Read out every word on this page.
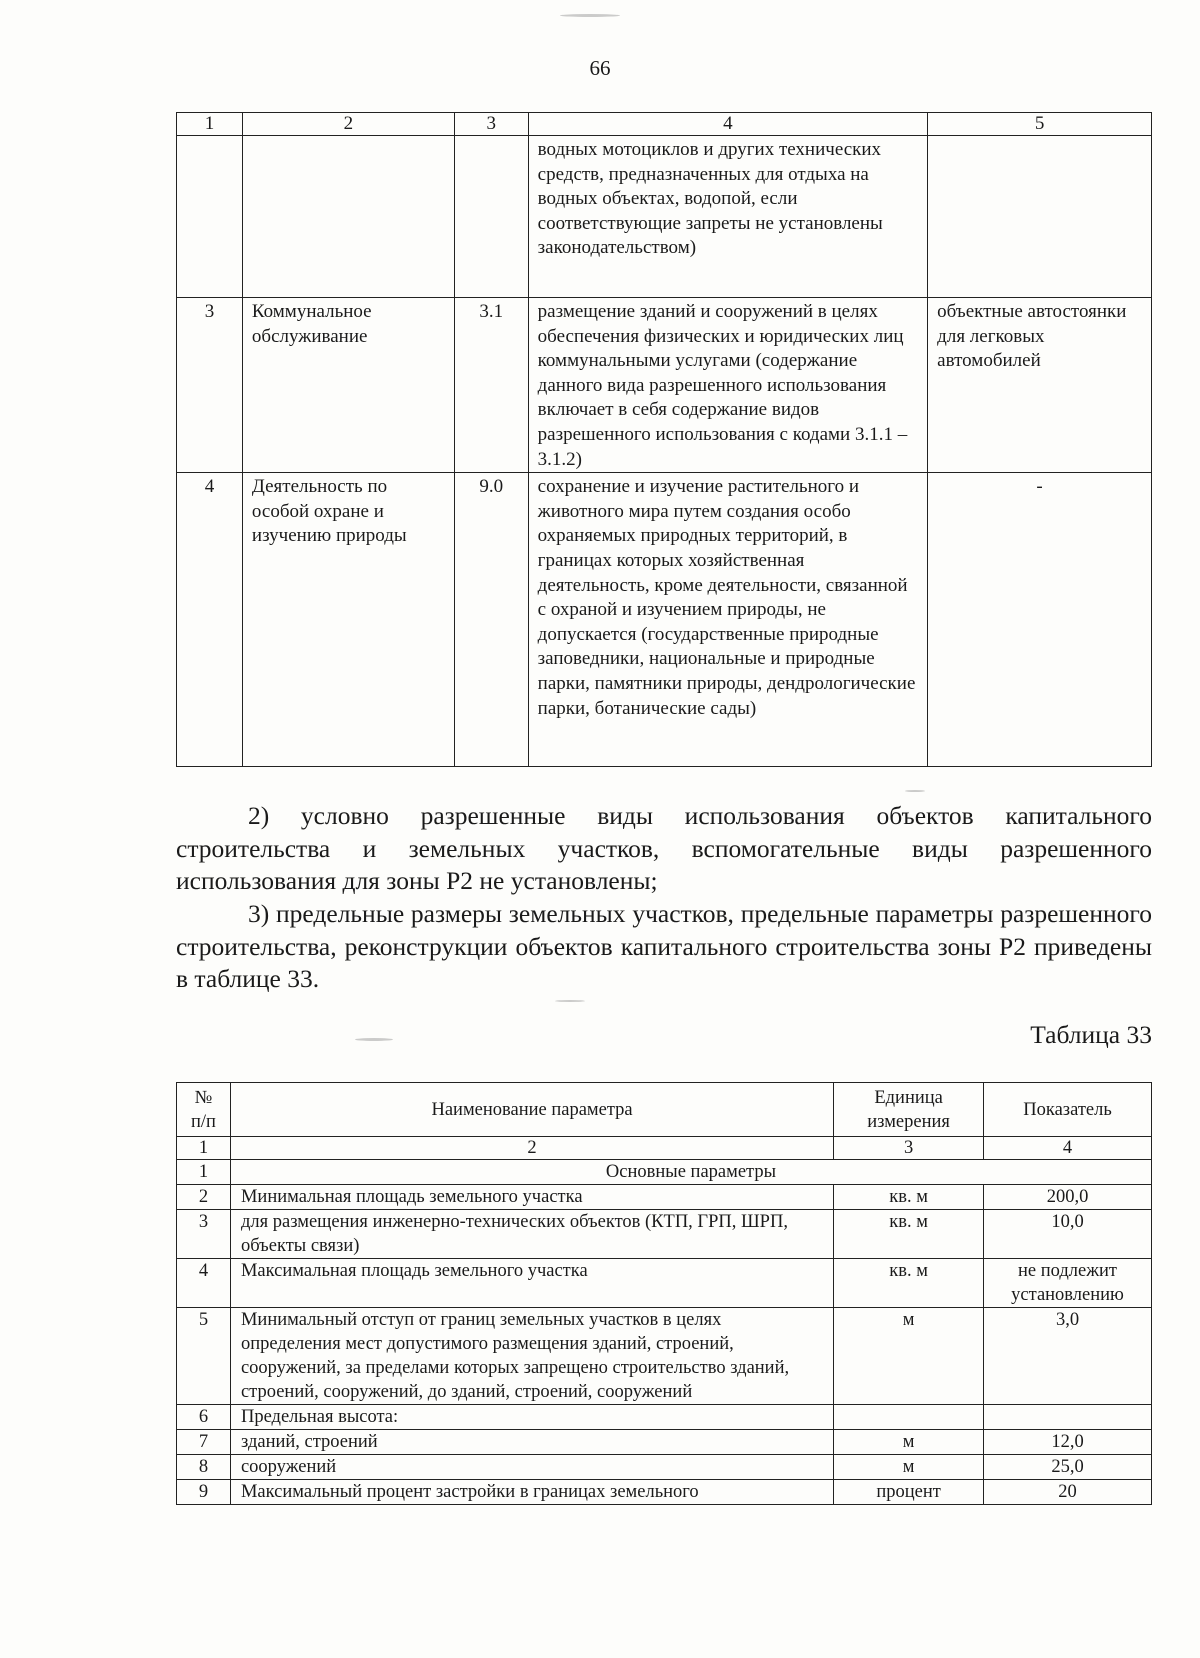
66
1	2	3	4	5
			водных мотоциклов и других технических средств, предназначенных для отдыха на водных объектах, водопой, если соответствующие запреты не установлены законодательством)	
3	Коммунальное обслуживание	3.1	размещение зданий и сооружений в целях обеспечения физических и юридических лиц коммунальными услугами (содержание данного вида разрешенного использования включает в себя содержание видов разрешенного использования с кодами 3.1.1 – 3.1.2)	объектные автостоянки для легковых автомобилей
4	Деятельность по особой охране и изучению природы	9.0	сохранение и изучение растительного и животного мира путем создания особо охраняемых природных территорий, в границах которых хозяйственная деятельность, кроме деятельности, связанной с охраной и изучением природы, не допускается (государственные природные заповедники, национальные и природные парки, памятники природы, дендрологические парки, ботанические сады)	-
2) условно разрешенные виды использования объектов капитального строительства и земельных участков, вспомогательные виды разрешенного использования для зоны Р2 не установлены;
3) предельные размеры земельных участков, предельные параметры разрешенного строительства, реконструкции объектов капитального строительства зоны Р2 приведены в таблице 33.
Таблица 33
№ п/п	Наименование параметра	Единица измерения	Показатель
1	2	3	4
1	Основные параметры		
2	Минимальная площадь земельного участка	кв. м	200,0
3	для размещения инженерно-технических объектов (КТП, ГРП, ШРП, объекты связи)	кв. м	10,0
4	Максимальная площадь земельного участка	кв. м	не подлежит установлению
5	Минимальный отступ от границ земельных участков в целях определения мест допустимого размещения зданий, строений, сооружений, за пределами которых запрещено строительство зданий, строений, сооружений, до зданий, строений, сооружений	м	3,0
6	Предельная высота:		
7	зданий, строений	м	12,0
8	сооружений	м	25,0
9	Максимальный процент застройки в границах земельного	процент	20
